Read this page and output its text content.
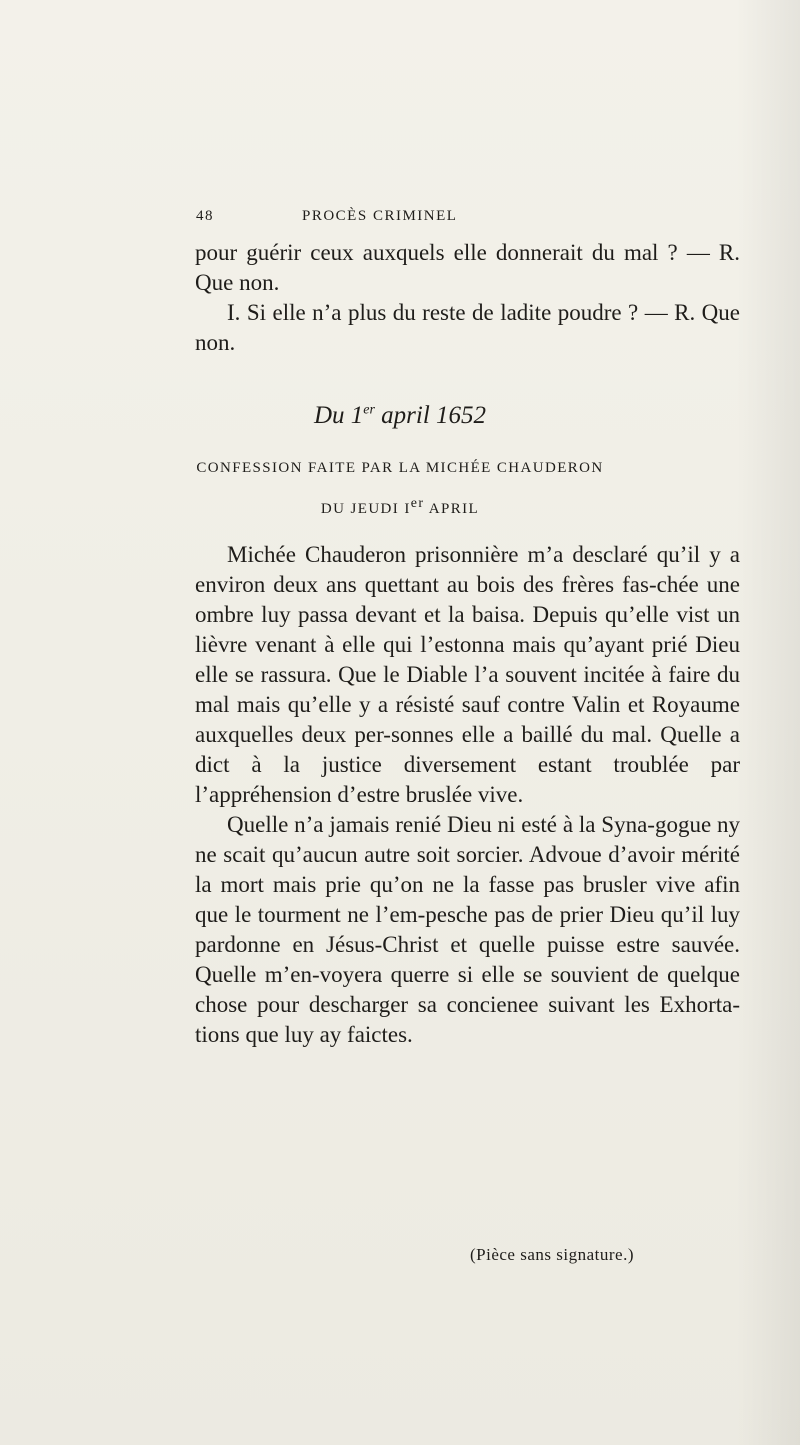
48	PROCÈS CRIMINEL

pour guérir ceux auxquels elle donnerait du mal ? — R. Que non.

I. Si elle n’a plus du reste de ladite poudre ? — R. Que non.

Du 1er april 1652
CONFESSION FAITE PAR LA MICHÉE CHAUDERON
DU JEUDI Ier APRIL

Michée Chauderon prisonnière m’a desclaré qu’il y a environ deux ans quettant au bois des frères fas-chée une ombre luy passa devant et la baisa. Depuis qu’elle vist un lièvre venant à elle qui l’estonna mais qu’ayant prié Dieu elle se rassura. Que le Diable l’a souvent incitée à faire du mal mais qu’elle y a résisté sauf contre Valin et Royaume auxquelles deux per-sonnes elle a baillé du mal. Quelle a dict à la justice diversement estant troublée par l’appréhension d’estre bruslée vive.

Quelle n’a jamais renié Dieu ni esté à la Syna-gogue ny ne scait qu’aucun autre soit sorcier. Advoue d’avoir mérité la mort mais prie qu’on ne la fasse pas brusler vive afin que le tourment ne l’em-pesche pas de prier Dieu qu’il luy pardonne en Jésus-Christ et quelle puisse estre sauvée. Quelle m’en-voyera querre si elle se souvient de quelque chose pour descharger sa concienee suivant les Exhorta-tions que luy ay faictes.

(Pièce sans signature.)
